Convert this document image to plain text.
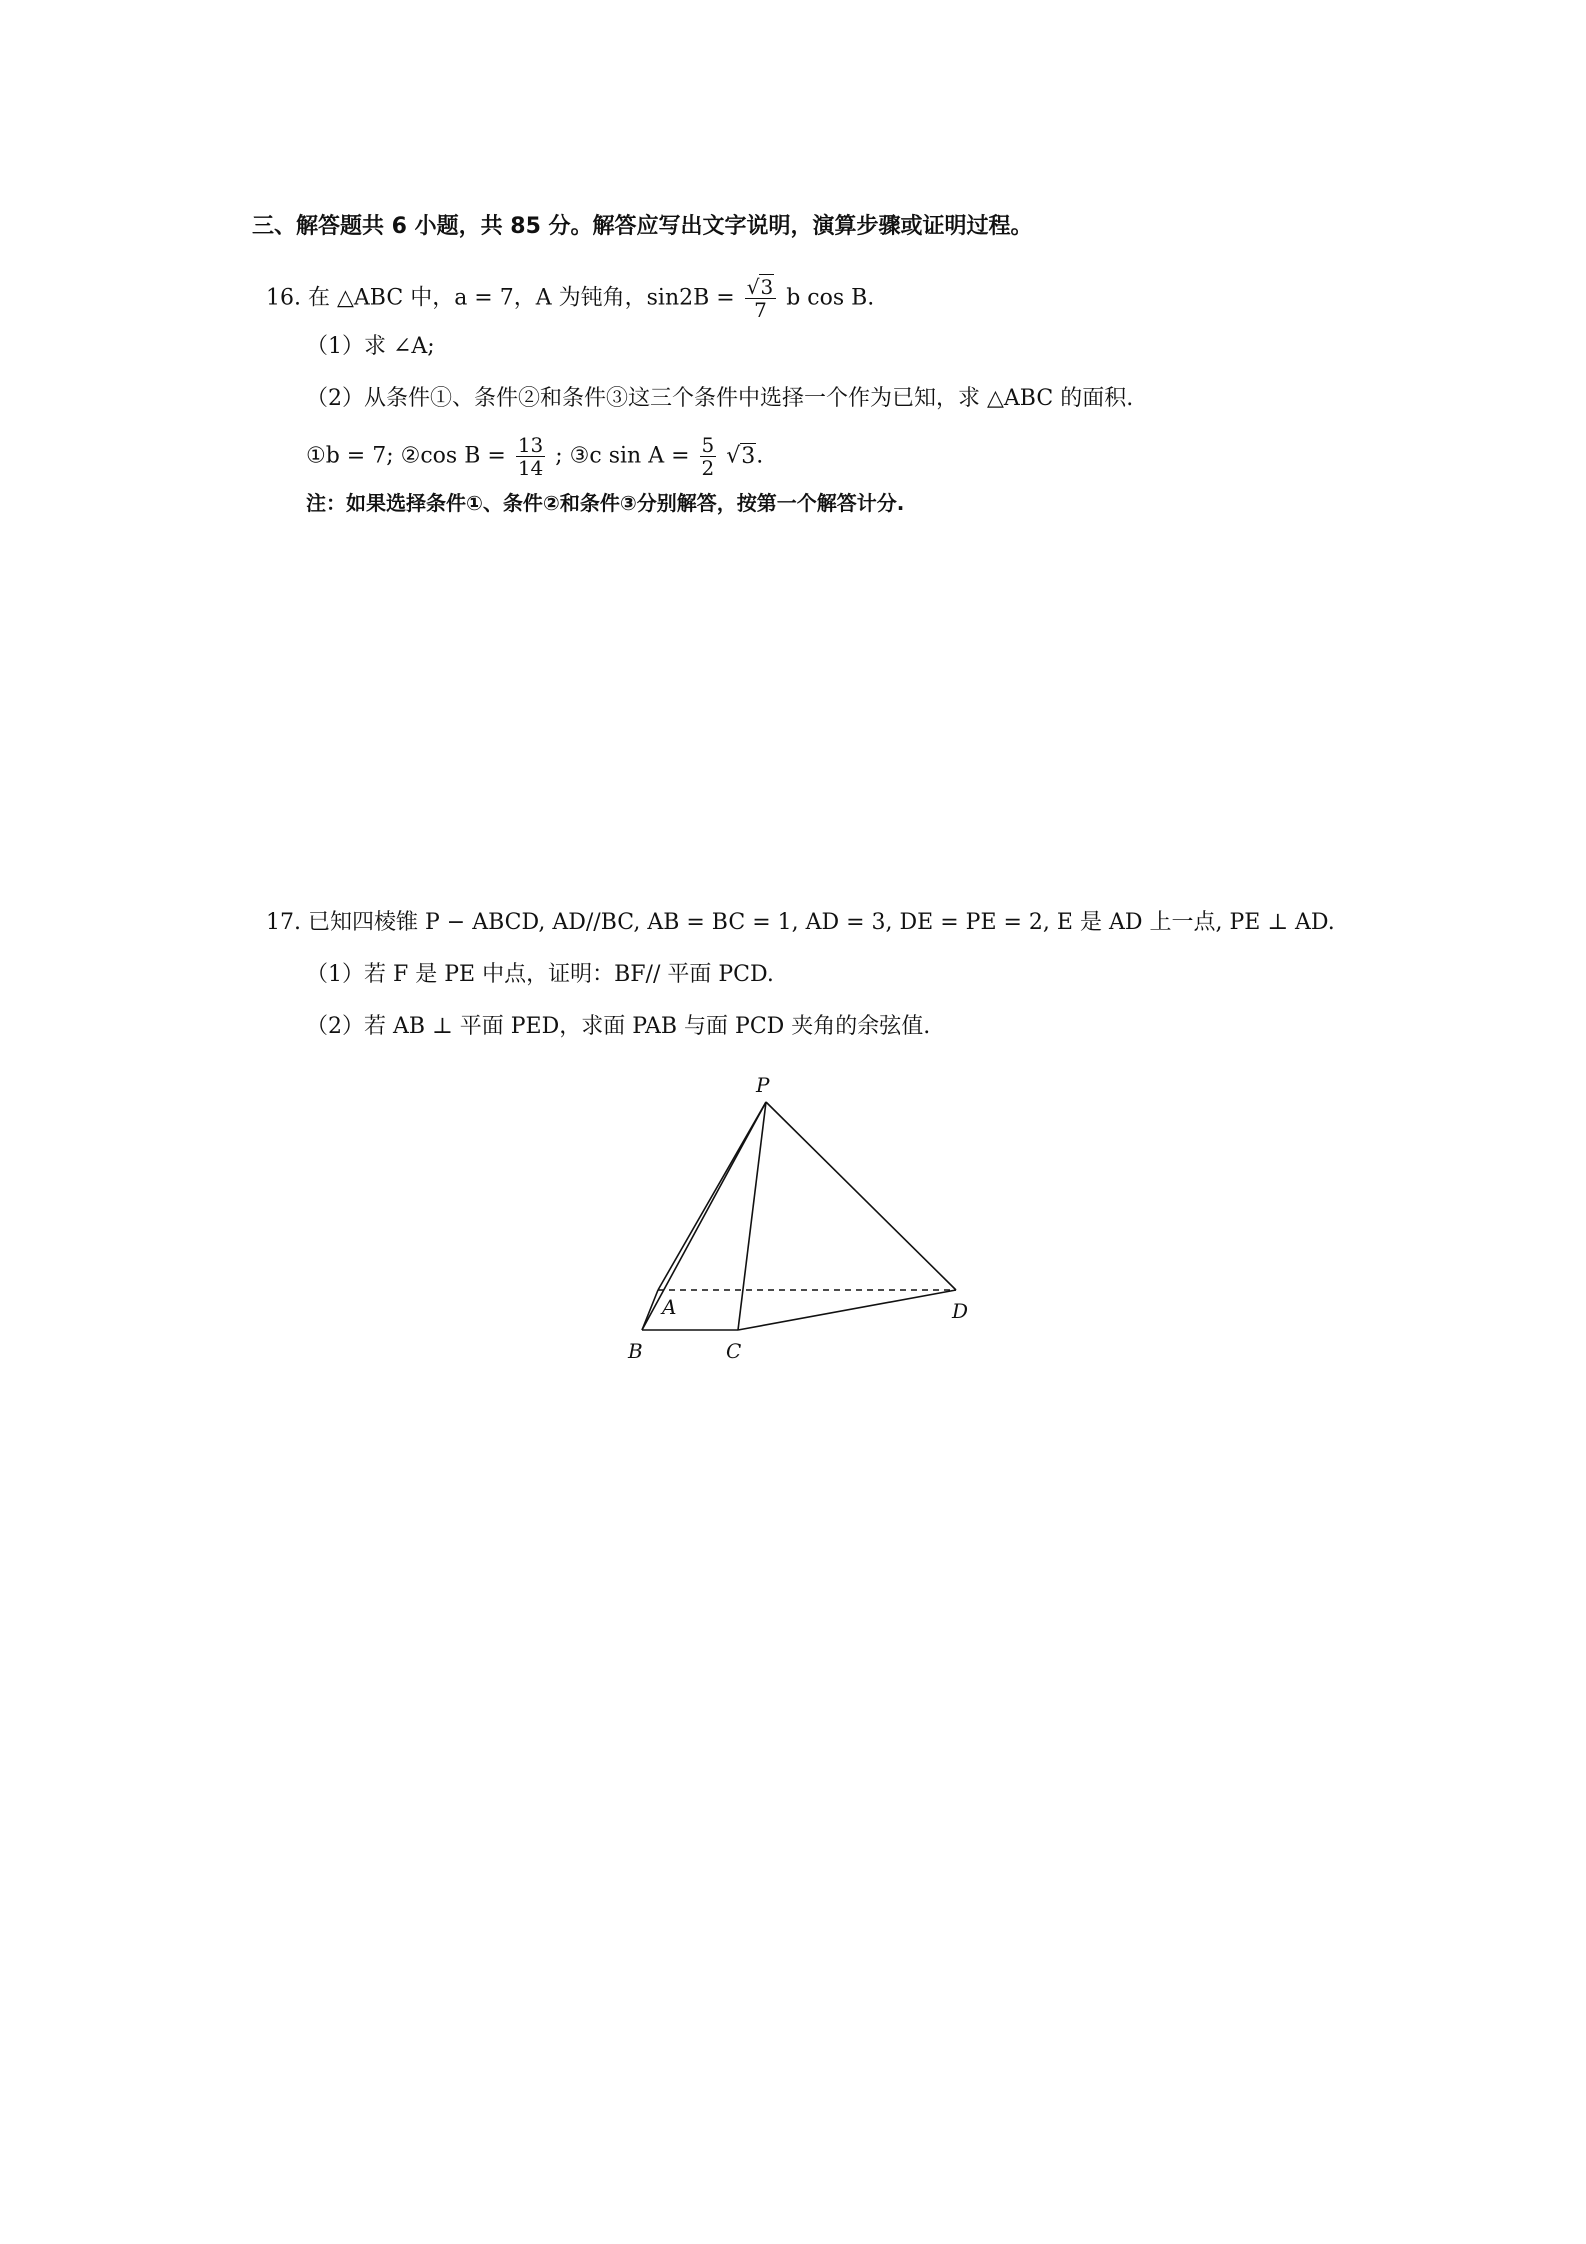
三、解答题共 6 小题，共 85 分。解答应写出文字说明，演算步骤或证明过程。
16. 在 △ABC 中，a = 7，A 为钝角，$\sin 2B = \frac{√3}{7}$ b cos B.
（1）求 ∠A;
（2）从条件①、条件②和条件③这三个条件中选择一个作为已知，求 △ABC 的面积.
①b = 7; ②cos $B = \frac{13}{14}$ ; ③c $\sin A = \frac{5}{2} √3$.
注：如果选择条件①、条件②和条件③分别解答，按第一个解答计分.
17. 已知四棱锥 P − ABCD, AD//BC, AB = BC = 1, AD = 3, DE = PE = 2, E 是 AD 上一点, PE ⊥ AD.
（1）若 F 是 PE 中点，证明：BF// 平面 PCD.
（2）若 AB ⊥ 平面 PED，求面 PAB 与面 PCD 夹角的余弦值.
P
A
B	C
D
